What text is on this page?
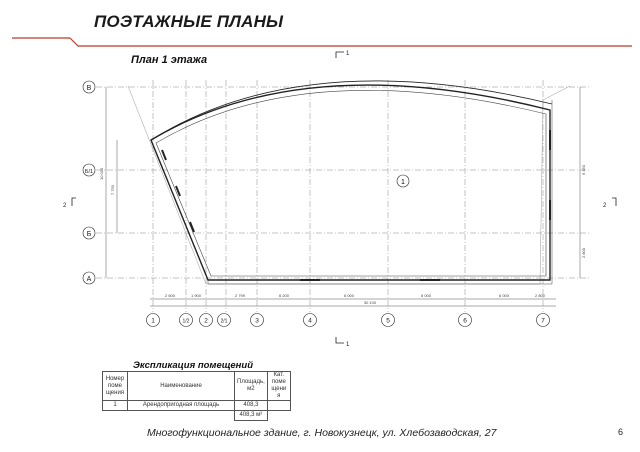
ПОЭТАЖНЫЕ ПЛАНЫ
План 1 этажа
1
В
Б/1
Б
А
10 000
7 750
9 450
2 800
1
1
2	2
2 600	1 900	2 799	6 200	6 000	6 000	6 000	2 800
30 100
1	1/2 2	2/1	3	4	5	6	7
Экспликация помещений
Номер поме щения	Наименование	Площадь, м2	Кат. поме щени я
1	Арендопригодная площадь	408,3	
		408,3 м²	
Многофункциональное здание, г. Новокузнецк, ул. Хлебозаводская, 27	6
